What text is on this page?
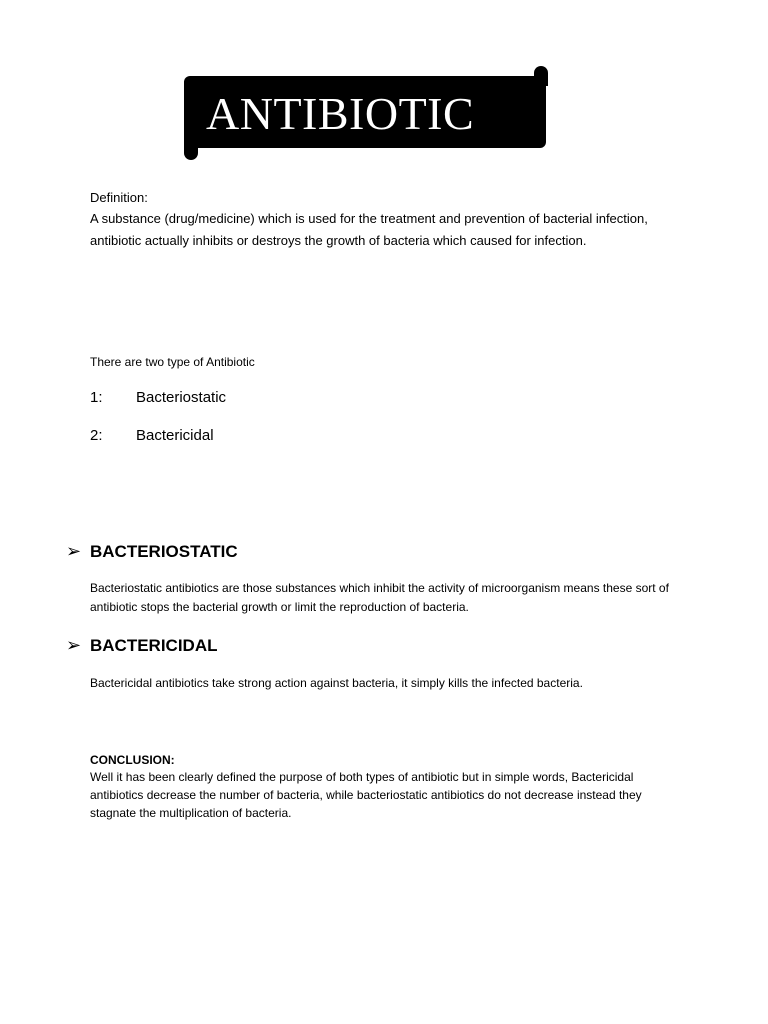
ANTIBIOTIC
Definition:
A substance (drug/medicine) which is used for the treatment and prevention of bacterial infection, antibiotic actually inhibits or destroys the growth of bacteria which caused for infection.
There are two type of Antibiotic
1: Bacteriostatic
2: Bactericidal
➢ BACTERIOSTATIC
Bacteriostatic antibiotics are those substances which inhibit the activity of microorganism means these sort of antibiotic stops the bacterial growth or limit the reproduction of bacteria.
➢ BACTERICIDAL
Bactericidal antibiotics take strong action against bacteria, it simply kills the infected bacteria.
CONCLUSION:
Well it has been clearly defined the purpose of both types of antibiotic but in simple words, Bactericidal antibiotics decrease the number of bacteria, while bacteriostatic antibiotics do not decrease instead they stagnate the multiplication of bacteria.
